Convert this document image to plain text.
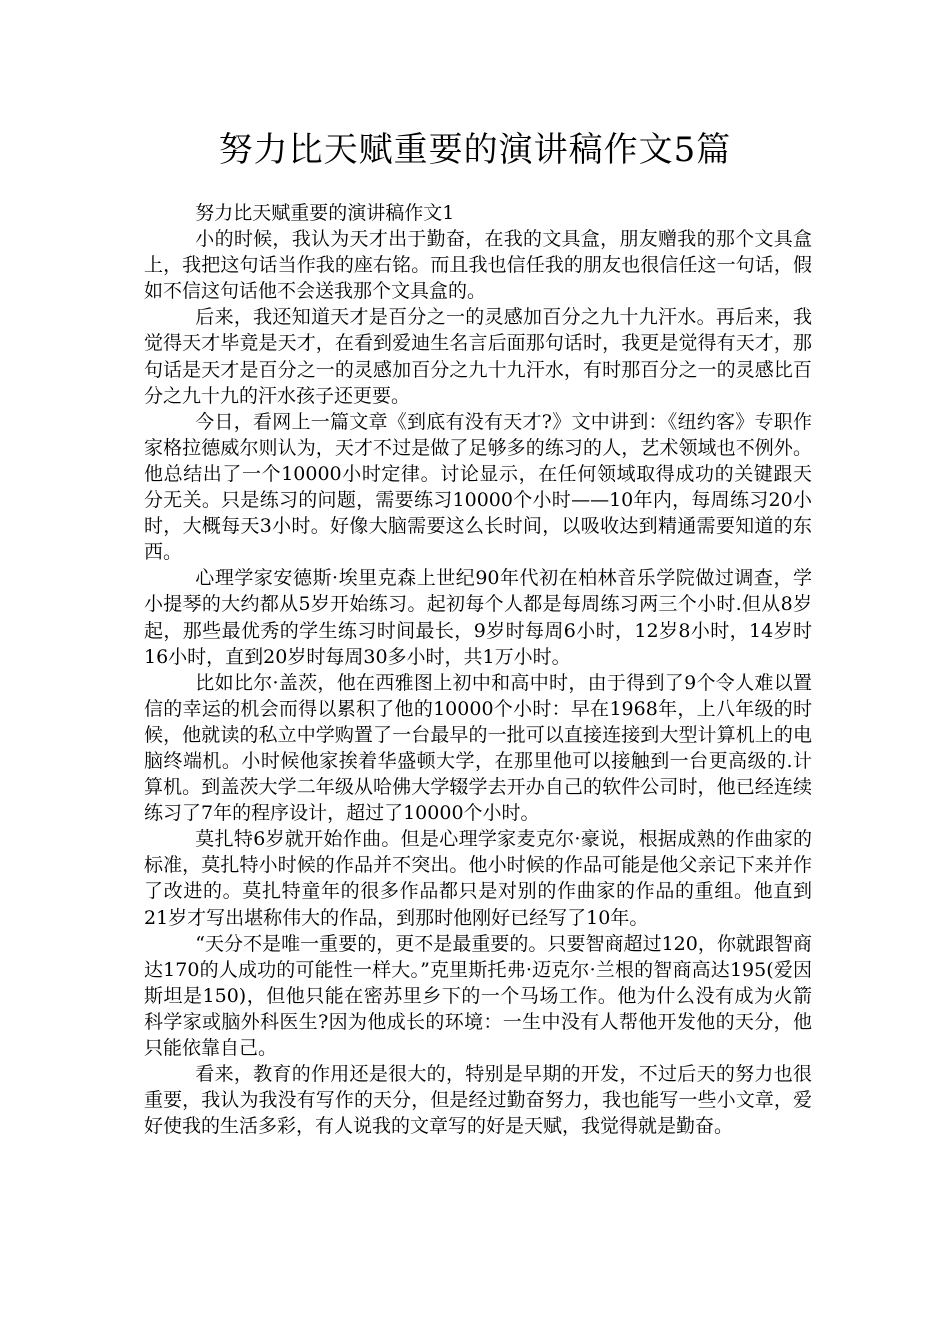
努力比天赋重要的演讲稿作文5篇

努力比天赋重要的演讲稿作文1

小的时候，我认为天才出于勤奋，在我的文具盒，朋友赠我的那个文具盒上，我把这句话当作我的座右铭。而且我也信任我的朋友也很信任这一句话，假如不信这句话他不会送我那个文具盒的。

后来，我还知道天才是百分之一的灵感加百分之九十九汗水。再后来，我觉得天才毕竟是天才，在看到爱迪生名言后面那句话时，我更是觉得有天才，那句话是天才是百分之一的灵感加百分之九十九汗水，有时那百分之一的灵感比百分之九十九的汗水孩子还更要。

今日，看网上一篇文章《到底有没有天才?》文中讲到：《纽约客》专职作家格拉德威尔则认为，天才不过是做了足够多的练习的人，艺术领域也不例外。他总结出了一个10000小时定律。讨论显示，在任何领域取得成功的关键跟天分无关。只是练习的问题，需要练习10000个小时——10年内，每周练习20小时，大概每天3小时。好像大脑需要这么长时间，以吸收达到精通需要知道的东西。

心理学家安德斯·埃里克森上世纪90年代初在柏林音乐学院做过调查，学小提琴的大约都从5岁开始练习。起初每个人都是每周练习两三个小时.但从8岁起，那些最优秀的学生练习时间最长，9岁时每周6小时，12岁8小时，14岁时16小时，直到20岁时每周30多小时，共1万小时。

比如比尔·盖茨，他在西雅图上初中和高中时，由于得到了9个令人难以置信的幸运的机会而得以累积了他的10000个小时：早在1968年，上八年级的时候，他就读的私立中学购置了一台最早的一批可以直接连接到大型计算机上的电脑终端机。小时候他家挨着华盛顿大学，在那里他可以接触到一台更高级的.计算机。到盖茨大学二年级从哈佛大学辍学去开办自己的软件公司时，他已经连续练习了7年的程序设计，超过了10000个小时。

莫扎特6岁就开始作曲。但是心理学家麦克尔·豪说，根据成熟的作曲家的标准，莫扎特小时候的作品并不突出。他小时候的作品可能是他父亲记下来并作了改进的。莫扎特童年的很多作品都只是对别的作曲家的作品的重组。他直到21岁才写出堪称伟大的作品，到那时他刚好已经写了10年。

“天分不是唯一重要的，更不是最重要的。只要智商超过120，你就跟智商达170的人成功的可能性一样大。”克里斯托弗·迈克尔·兰根的智商高达195(爱因斯坦是150)，但他只能在密苏里乡下的一个马场工作。他为什么没有成为火箭科学家或脑外科医生?因为他成长的环境：一生中没有人帮他开发他的天分，他只能依靠自己。

看来，教育的作用还是很大的，特别是早期的开发，不过后天的努力也很重要，我认为我没有写作的天分，但是经过勤奋努力，我也能写一些小文章，爱好使我的生活多彩，有人说我的文章写的好是天赋，我觉得就是勤奋。
